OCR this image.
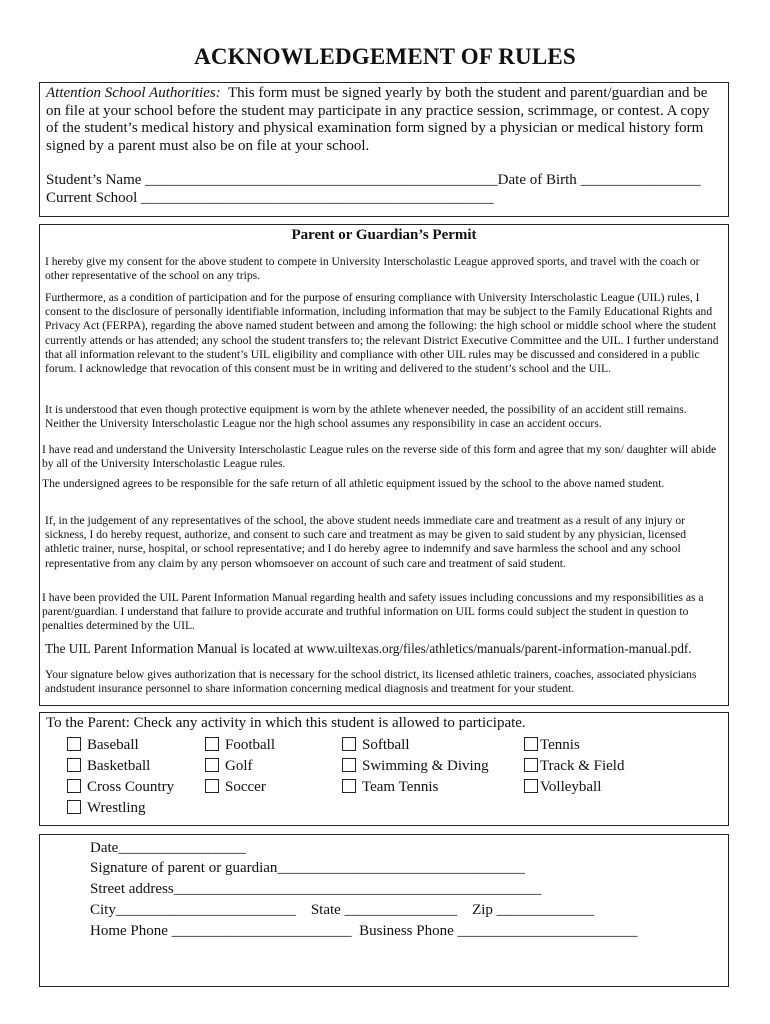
ACKNOWLEDGEMENT OF RULES
Attention School Authorities: This form must be signed yearly by both the student and parent/guardian and be on file at your school before the student may participate in any practice session, scrimmage, or contest. A copy of the student’s medical history and physical examination form signed by a physician or medical history form signed by a parent must also be on file at your school.
Student’s Name _______________________________________________Date of Birth ________________
Current School _______________________________________________
Parent or Guardian’s Permit

I hereby give my consent for the above student to compete in University Interscholastic League approved sports, and travel with the coach or other representative of the school on any trips.

Furthermore, as a condition of participation and for the purpose of ensuring compliance with University Interscholastic League (UIL) rules, I consent to the disclosure of personally identifiable information, including information that may be subject to the Family Educational Rights and Privacy Act (FERPA), regarding the above named student between and among the following: the high school or middle school where the student currently attends or has attended; any school the student transfers to; the relevant District Executive Committee and the UIL. I further understand that all information relevant to the student’s UIL eligibility and compliance with other UIL rules may be discussed and considered in a public forum. I acknowledge that revocation of this consent must be in writing and delivered to the student’s school and the UIL.

It is understood that even though protective equipment is worn by the athlete whenever needed, the possibility of an accident still remains. Neither the University Interscholastic League nor the high school assumes any responsibility in case an accident occurs.

I have read and understand the University Interscholastic League rules on the reverse side of this form and agree that my son/ daughter will abide by all of the University Interscholastic League rules.

The undersigned agrees to be responsible for the safe return of all athletic equipment issued by the school to the above named student.

If, in the judgement of any representatives of the school, the above student needs immediate care and treatment as a result of any injury or sickness, I do hereby request, authorize, and consent to such care and treatment as may be given to said student by any physician, licensed athletic trainer, nurse, hospital, or school representative; and I do hereby agree to indemnify and save harmless the school and any school representative from any claim by any person whomsoever on account of such care and treatment of said student.

I have been provided the UIL Parent Information Manual regarding health and safety issues including concussions and my responsibilities as a parent/guardian. I understand that failure to provide accurate and truthful information on UIL forms could subject the student in question to penalties determined by the UIL.

The UIL Parent Information Manual is located at www.uiltexas.org/files/athletics/manuals/parent-information-manual.pdf.

Your signature below gives authorization that is necessary for the school district, its licensed athletic trainers, coaches, associated physicians andstudent insurance personnel to share information concerning medical diagnosis and treatment for your student.

To the Parent: Check any activity in which this student is allowed to participate.
Baseball	Football	Softball	Tennis
Basketball	Golf	Swimming & Diving	Track & Field
Cross Country	Soccer	Team Tennis	Volleyball
Wrestling
Date_________________
Signature of parent or guardian_________________________________
Street address_________________________________________________
City________________________ State _______________ Zip _____________
Home Phone ________________________ Business Phone ________________________
